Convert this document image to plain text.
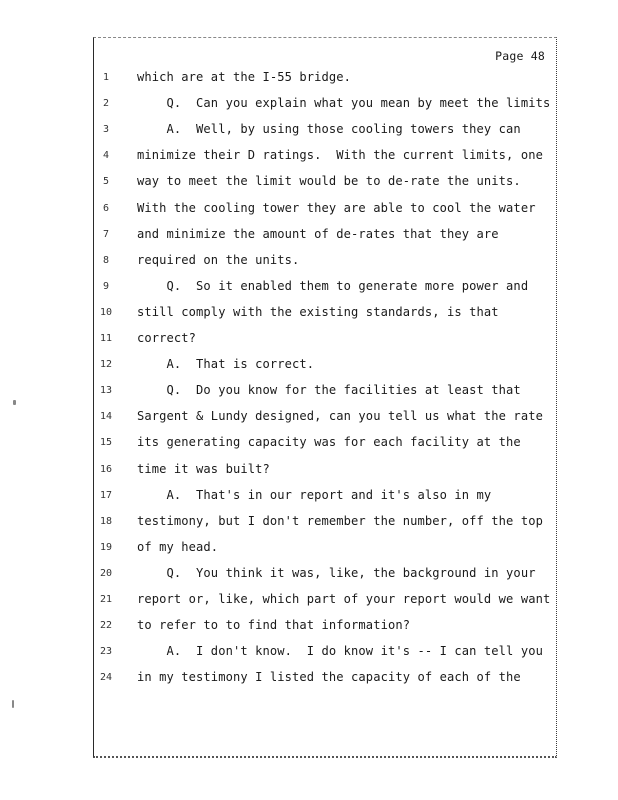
Page 48
1	which are at the I-55 bridge.
2	Q.  Can you explain what you mean by meet the limits
3	A.  Well, by using those cooling towers they can
4	minimize their D ratings.  With the current limits, one
5	way to meet the limit would be to de-rate the units.
6	With the cooling tower they are able to cool the water
7	and minimize the amount of de-rates that they are
8	required on the units.
9	Q.  So it enabled them to generate more power and
10	still comply with the existing standards, is that
11	correct?
12	A.  That is correct.
13	Q.  Do you know for the facilities at least that
14	Sargent & Lundy designed, can you tell us what the rate
15	its generating capacity was for each facility at the
16	time it was built?
17	A.  That's in our report and it's also in my
18	testimony, but I don't remember the number, off the top
19	of my head.
20	Q.  You think it was, like, the background in your
21	report or, like, which part of your report would we want
22	to refer to to find that information?
23	A.  I don't know.  I do know it's -- I can tell you
24	in my testimony I listed the capacity of each of the
